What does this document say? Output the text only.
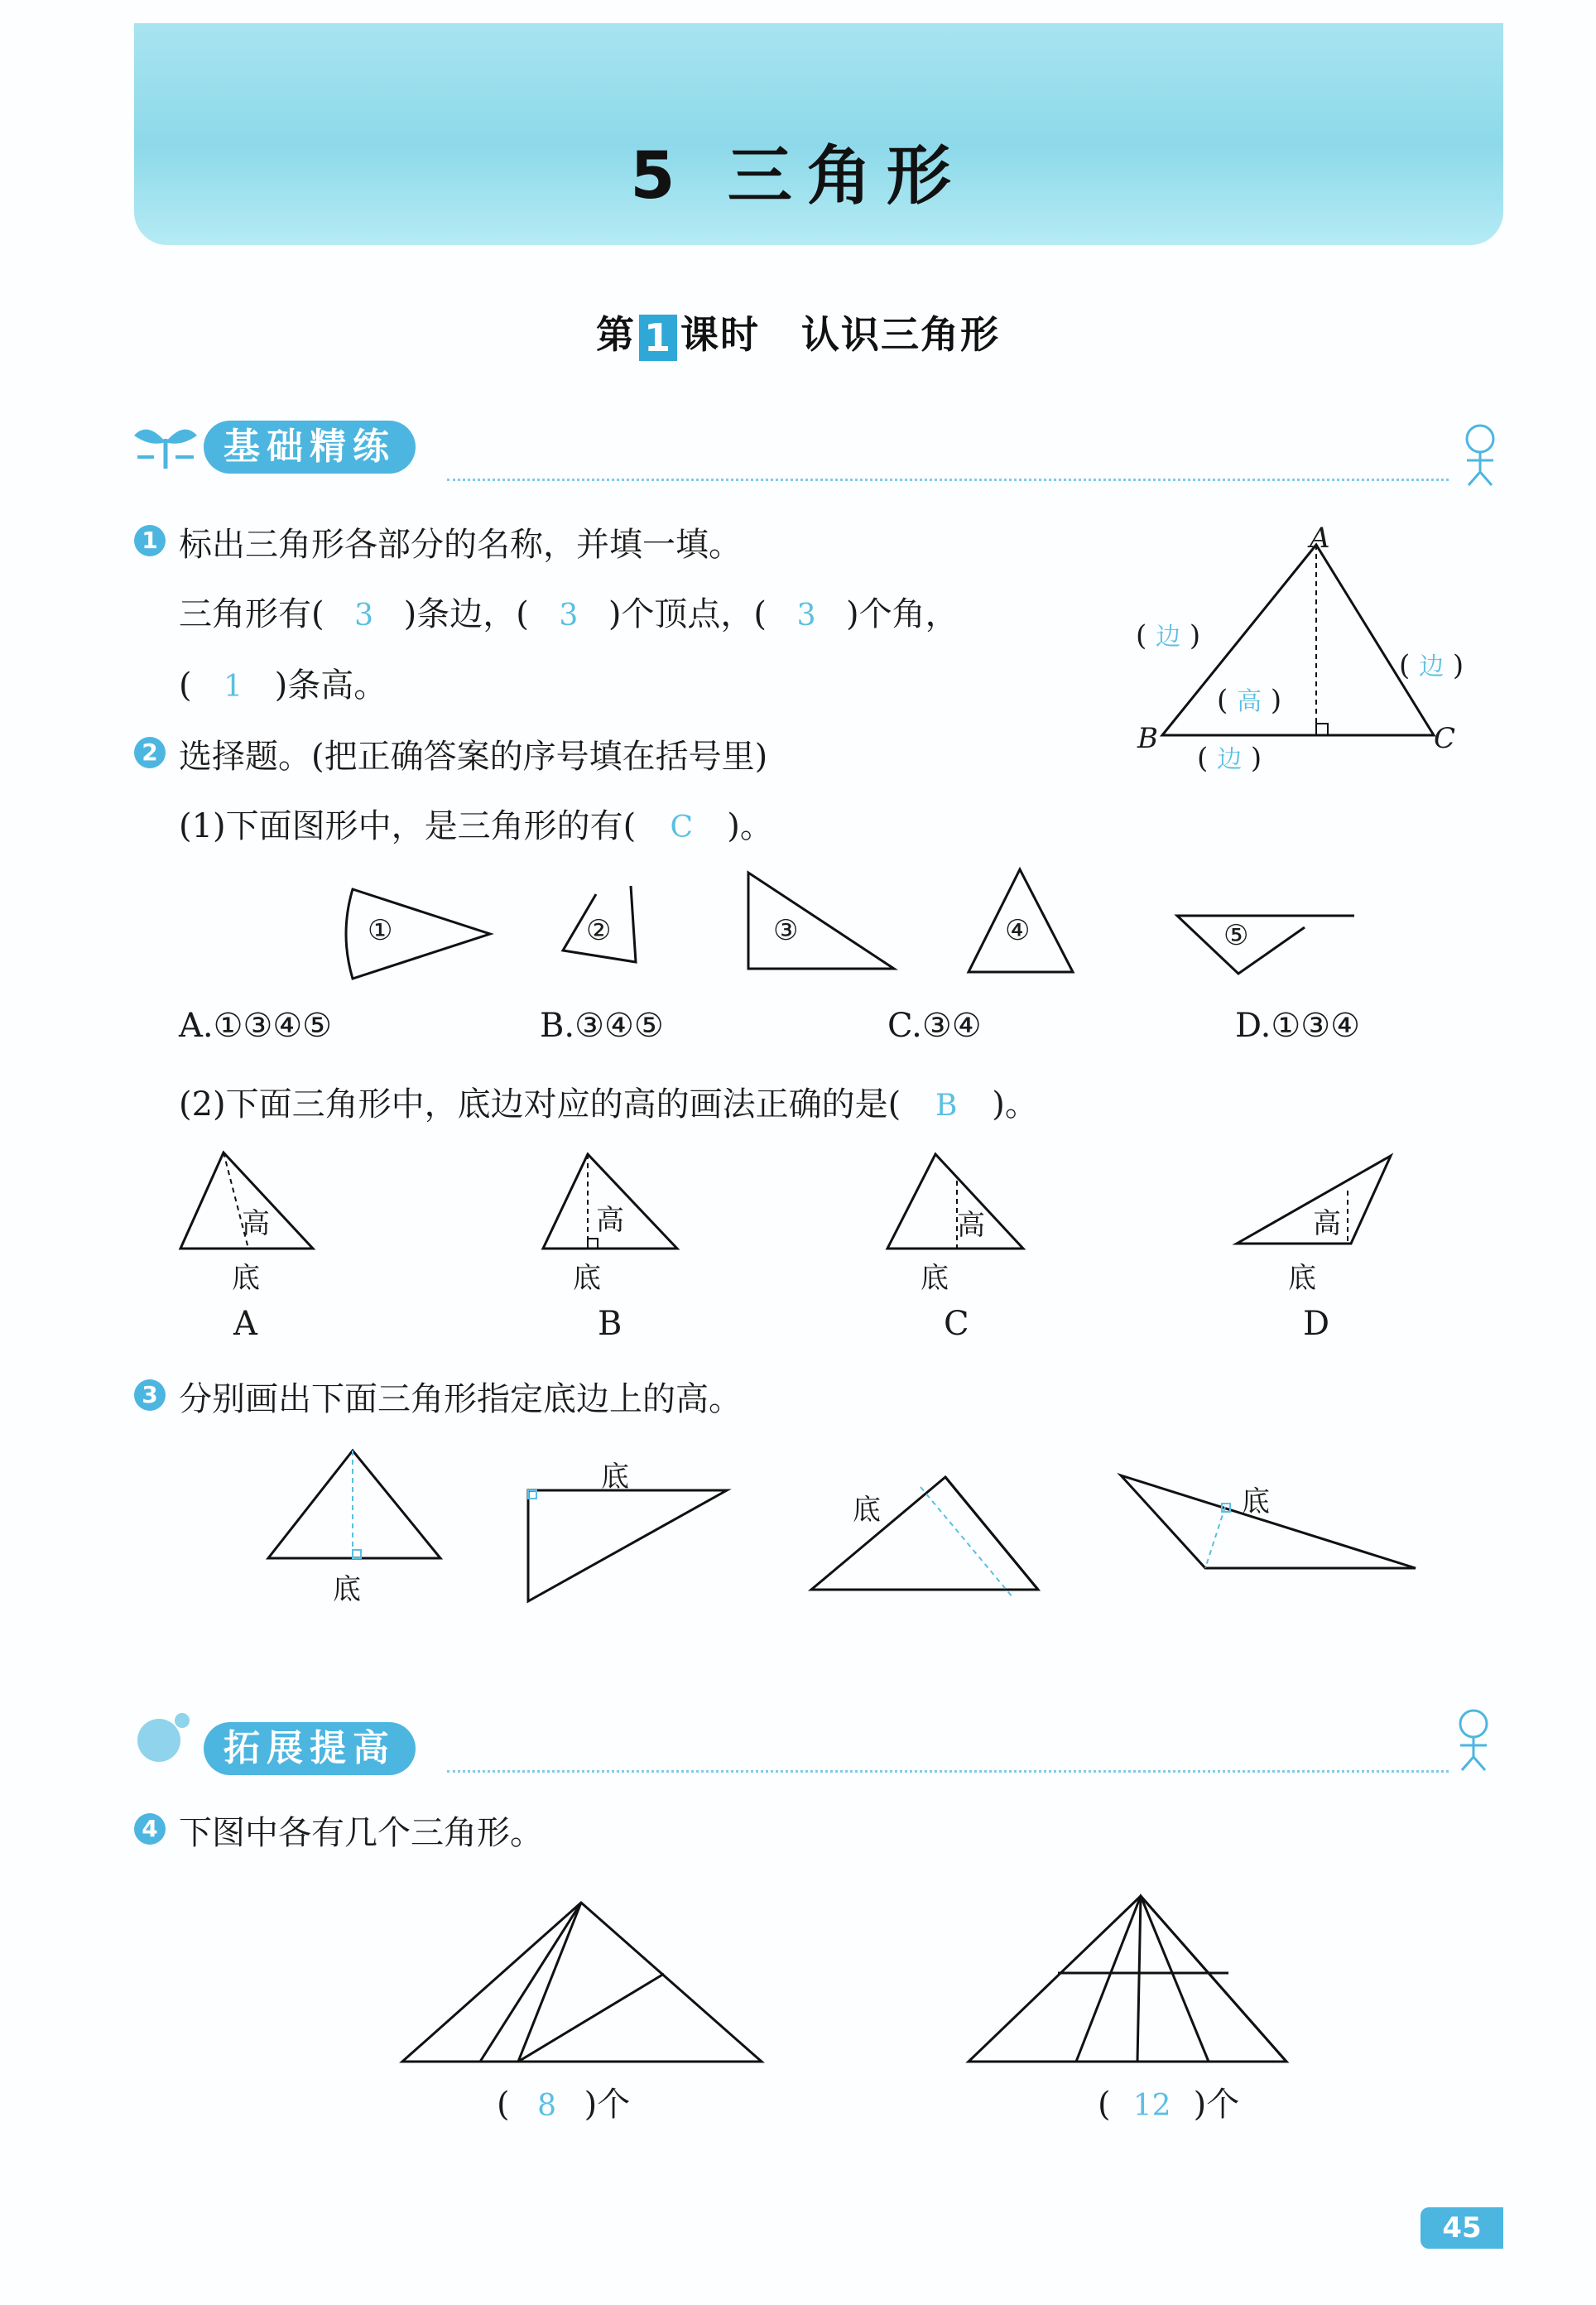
5 三角形
第 1 课时 认识三角形
基础精练
1 标出三角形各部分的名称，并填一填。
三角形有( 3 )条边，( 3 )个顶点，( 3 )个角，
( 1 )条高。
A
B	C
( 边 )
( 边 )
( 高 )
( 边 )
2 选择题。(把正确答案的序号填在括号里)
(1)下面图形中，是三角形的有( C )。
①	②	③	④	⑤
A.①③④⑤	B.③④⑤	C.③④	D.①③④
(2)下面三角形中，底边对应的高的画法正确的是( B )。
高
底
高
底
高
底
高
底
A	B	C	D
3 分别画出下面三角形指定底边上的高。
底
底
底	底
拓展提高
4 下图中各有几个三角形。
( 8 )个	( 12 )个
45
